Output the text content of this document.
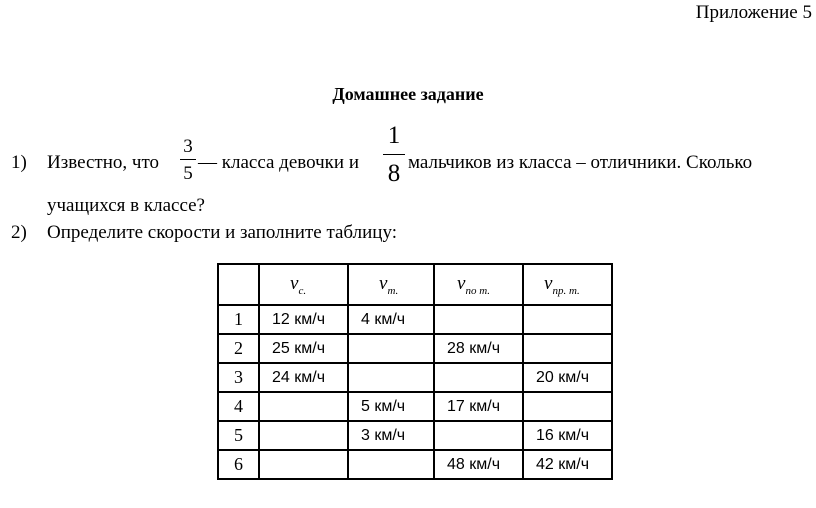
Приложение 5
Домашнее задание
1) Известно, что
3
5
— класса девочки и
1
8 мальчиков из класса – отличники. Сколько
учащихся в классе?
2) Определите скорости и заполните таблицу:
	$v_{c.}$	$v_{т.}$	$v_{по т.}$	$v_{пр. т.}$
1	12 км/ч	4 км/ч		
2	25 км/ч		28 км/ч	
3	24 км/ч			20 км/ч
4		5 км/ч	17 км/ч	
5		3 км/ч		16 км/ч
6			48 км/ч	42 км/ч
